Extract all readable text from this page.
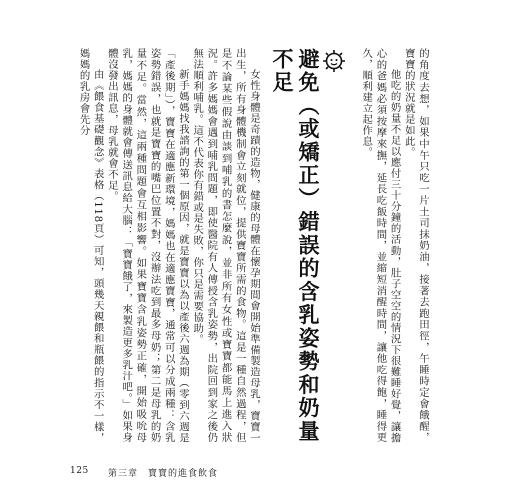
的角度去想，如果中午只吃一片土司抹奶油，接著去跑田徑，午睡時定會餓醒，寶寶的狀況就是如此。

他吃的奶量不足以應付三十分鐘的活動，肚子空空的情況下很難睡好覺，讓擔心的爸媽必須按摩來撫，延長吃飯時間，並縮短消醒時間，讓他吃得飽，睡得更久，順利建立起作息。

避免（或矯正）錯誤的含乳姿勢和奶量不足

女性身體是奇蹟的造物，健康的母體在懷孕期間會開始準備製造母乳，寶寶一出生，所有身體機制會立刻就位，提供寶寶所需的食物。這是一種自然過程，但是不論某些假說由談到哺乳的書怎麼說，並非所有女性或寶寶都能馬上進入狀況。許多媽媽會遇到哺乳問題，即使醫院有人傳授含乳姿勢，出院回到家之後仍無法順利哺乳。這不代表你有錯或是失敗，你只是需要協助。

新手媽媽找我諮詢的第一個原因，就是寶寶以為以產後六週為期（零到六週是「產後期」），寶寶在適應新環境，媽媽也在適應寶寶，通常可以分成兩種：含乳姿勢錯誤，也就是寶寶的嘴巴位置不對，沒辦法吃到最多母奶；第二是母乳的奶量不足。當然，這兩種問題會互相影響。如果寶寶含乳姿勢正確，開始吸吮母乳，媽媽的身體就會傳送訊息給大腦：「寶寶餓了，來製造更多乳汁吧。」如果身體沒發出訊息，母乳就會不足。

由《餵食基礎觀念》表格（118頁）可知，頭幾天親餵和瓶餵的指示不一樣，媽媽的乳房會先分

125 第三章　寶寶的進食飲食
